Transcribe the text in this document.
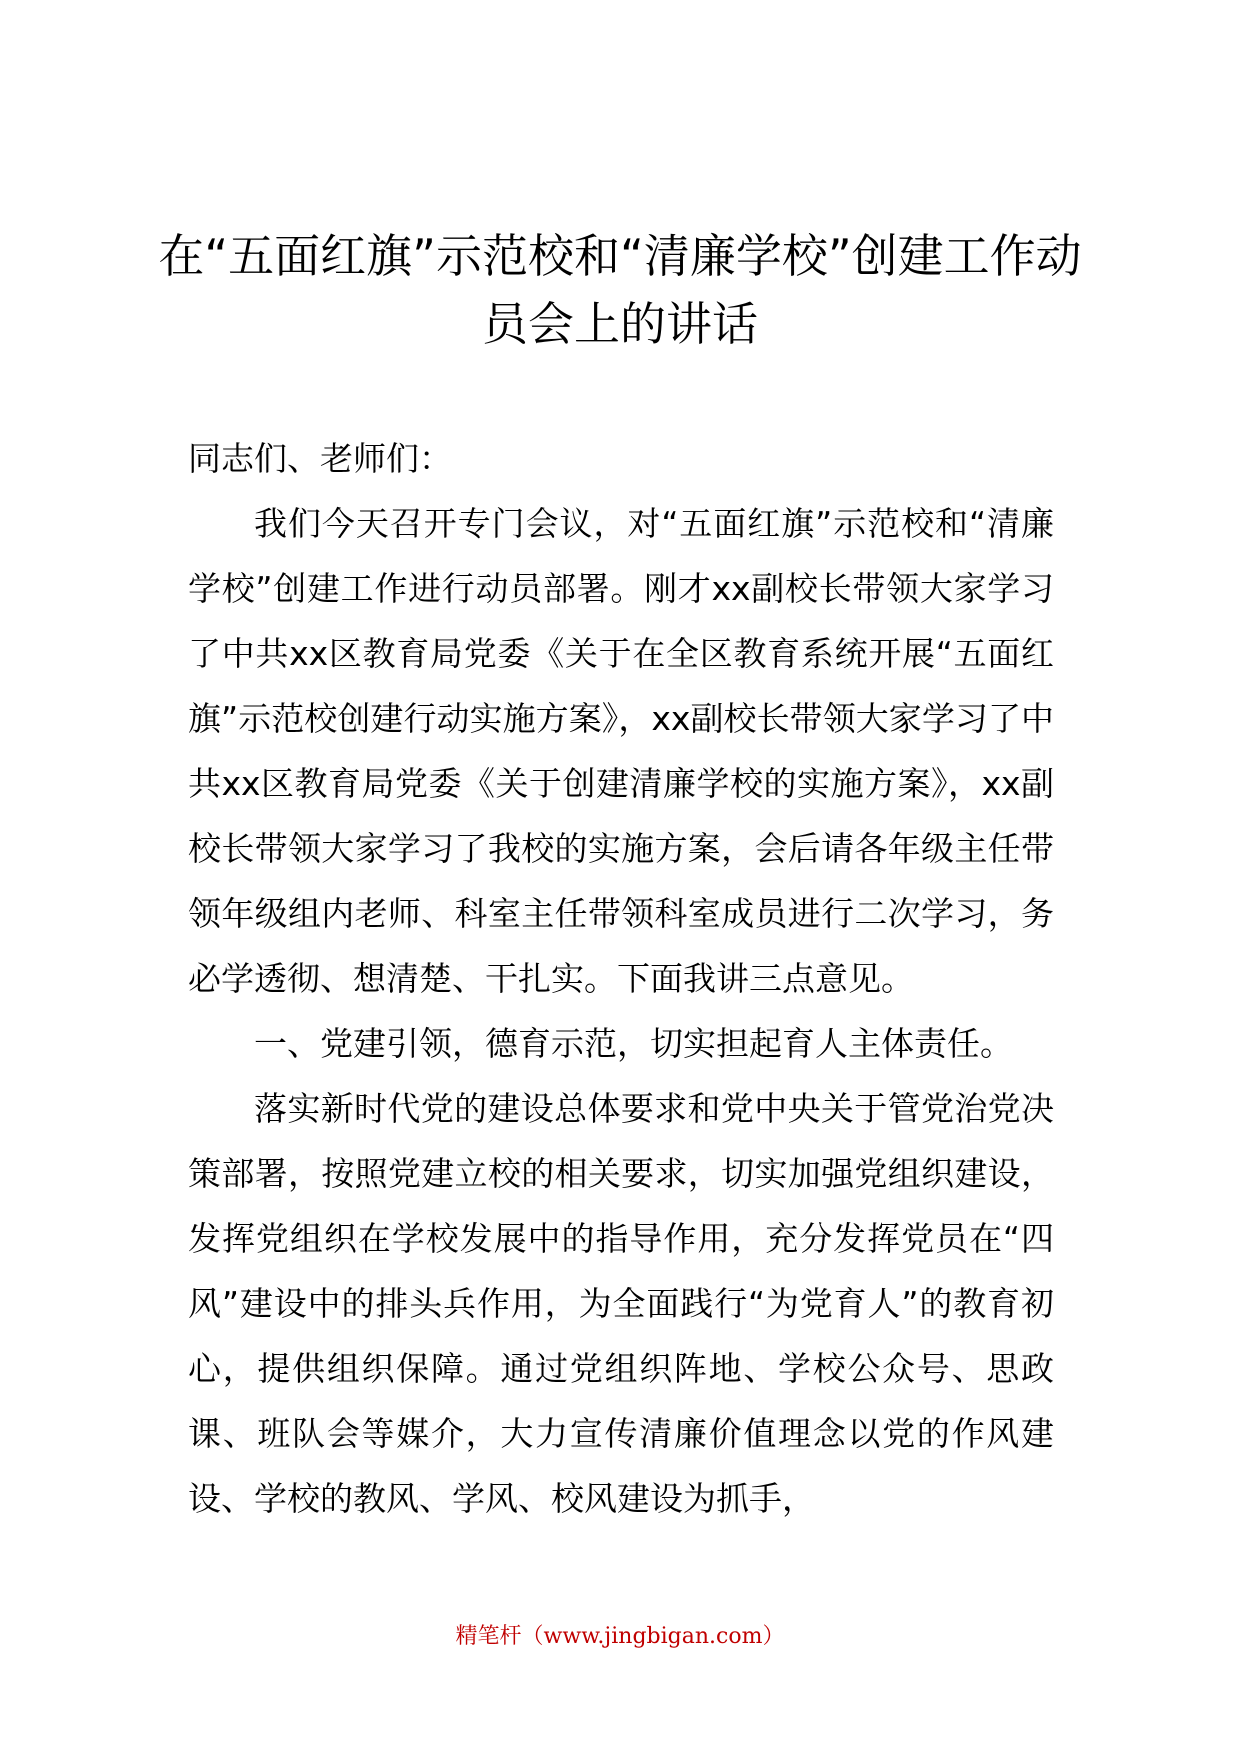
在“五面红旗”示范校和“清廉学校”创建工作动员会上的讲话

同志们、老师们：

我们今天召开专门会议，对“五面红旗”示范校和“清廉学校”创建工作进行动员部署。刚才xx副校长带领大家学习了中共xx区教育局党委《关于在全区教育系统开展“五面红旗”示范校创建行动实施方案》，xx副校长带领大家学习了中共xx区教育局党委《关于创建清廉学校的实施方案》，xx副校长带领大家学习了我校的实施方案，会后请各年级主任带领年级组内老师、科室主任带领科室成员进行二次学习，务必学透彻、想清楚、干扎实。下面我讲三点意见。

一、党建引领，德育示范，切实担起育人主体责任。

落实新时代党的建设总体要求和党中央关于管党治党决策部署，按照党建立校的相关要求，切实加强党组织建设，发挥党组织在学校发展中的指导作用，充分发挥党员在“四风”建设中的排头兵作用，为全面践行“为党育人”的教育初心，提供组织保障。通过党组织阵地、学校公众号、思政课、班队会等媒介，大力宣传清廉价值理念以党的作风建设、学校的教风、学风、校风建设为抓手，

精笔杆（www.jingbigan.com）
